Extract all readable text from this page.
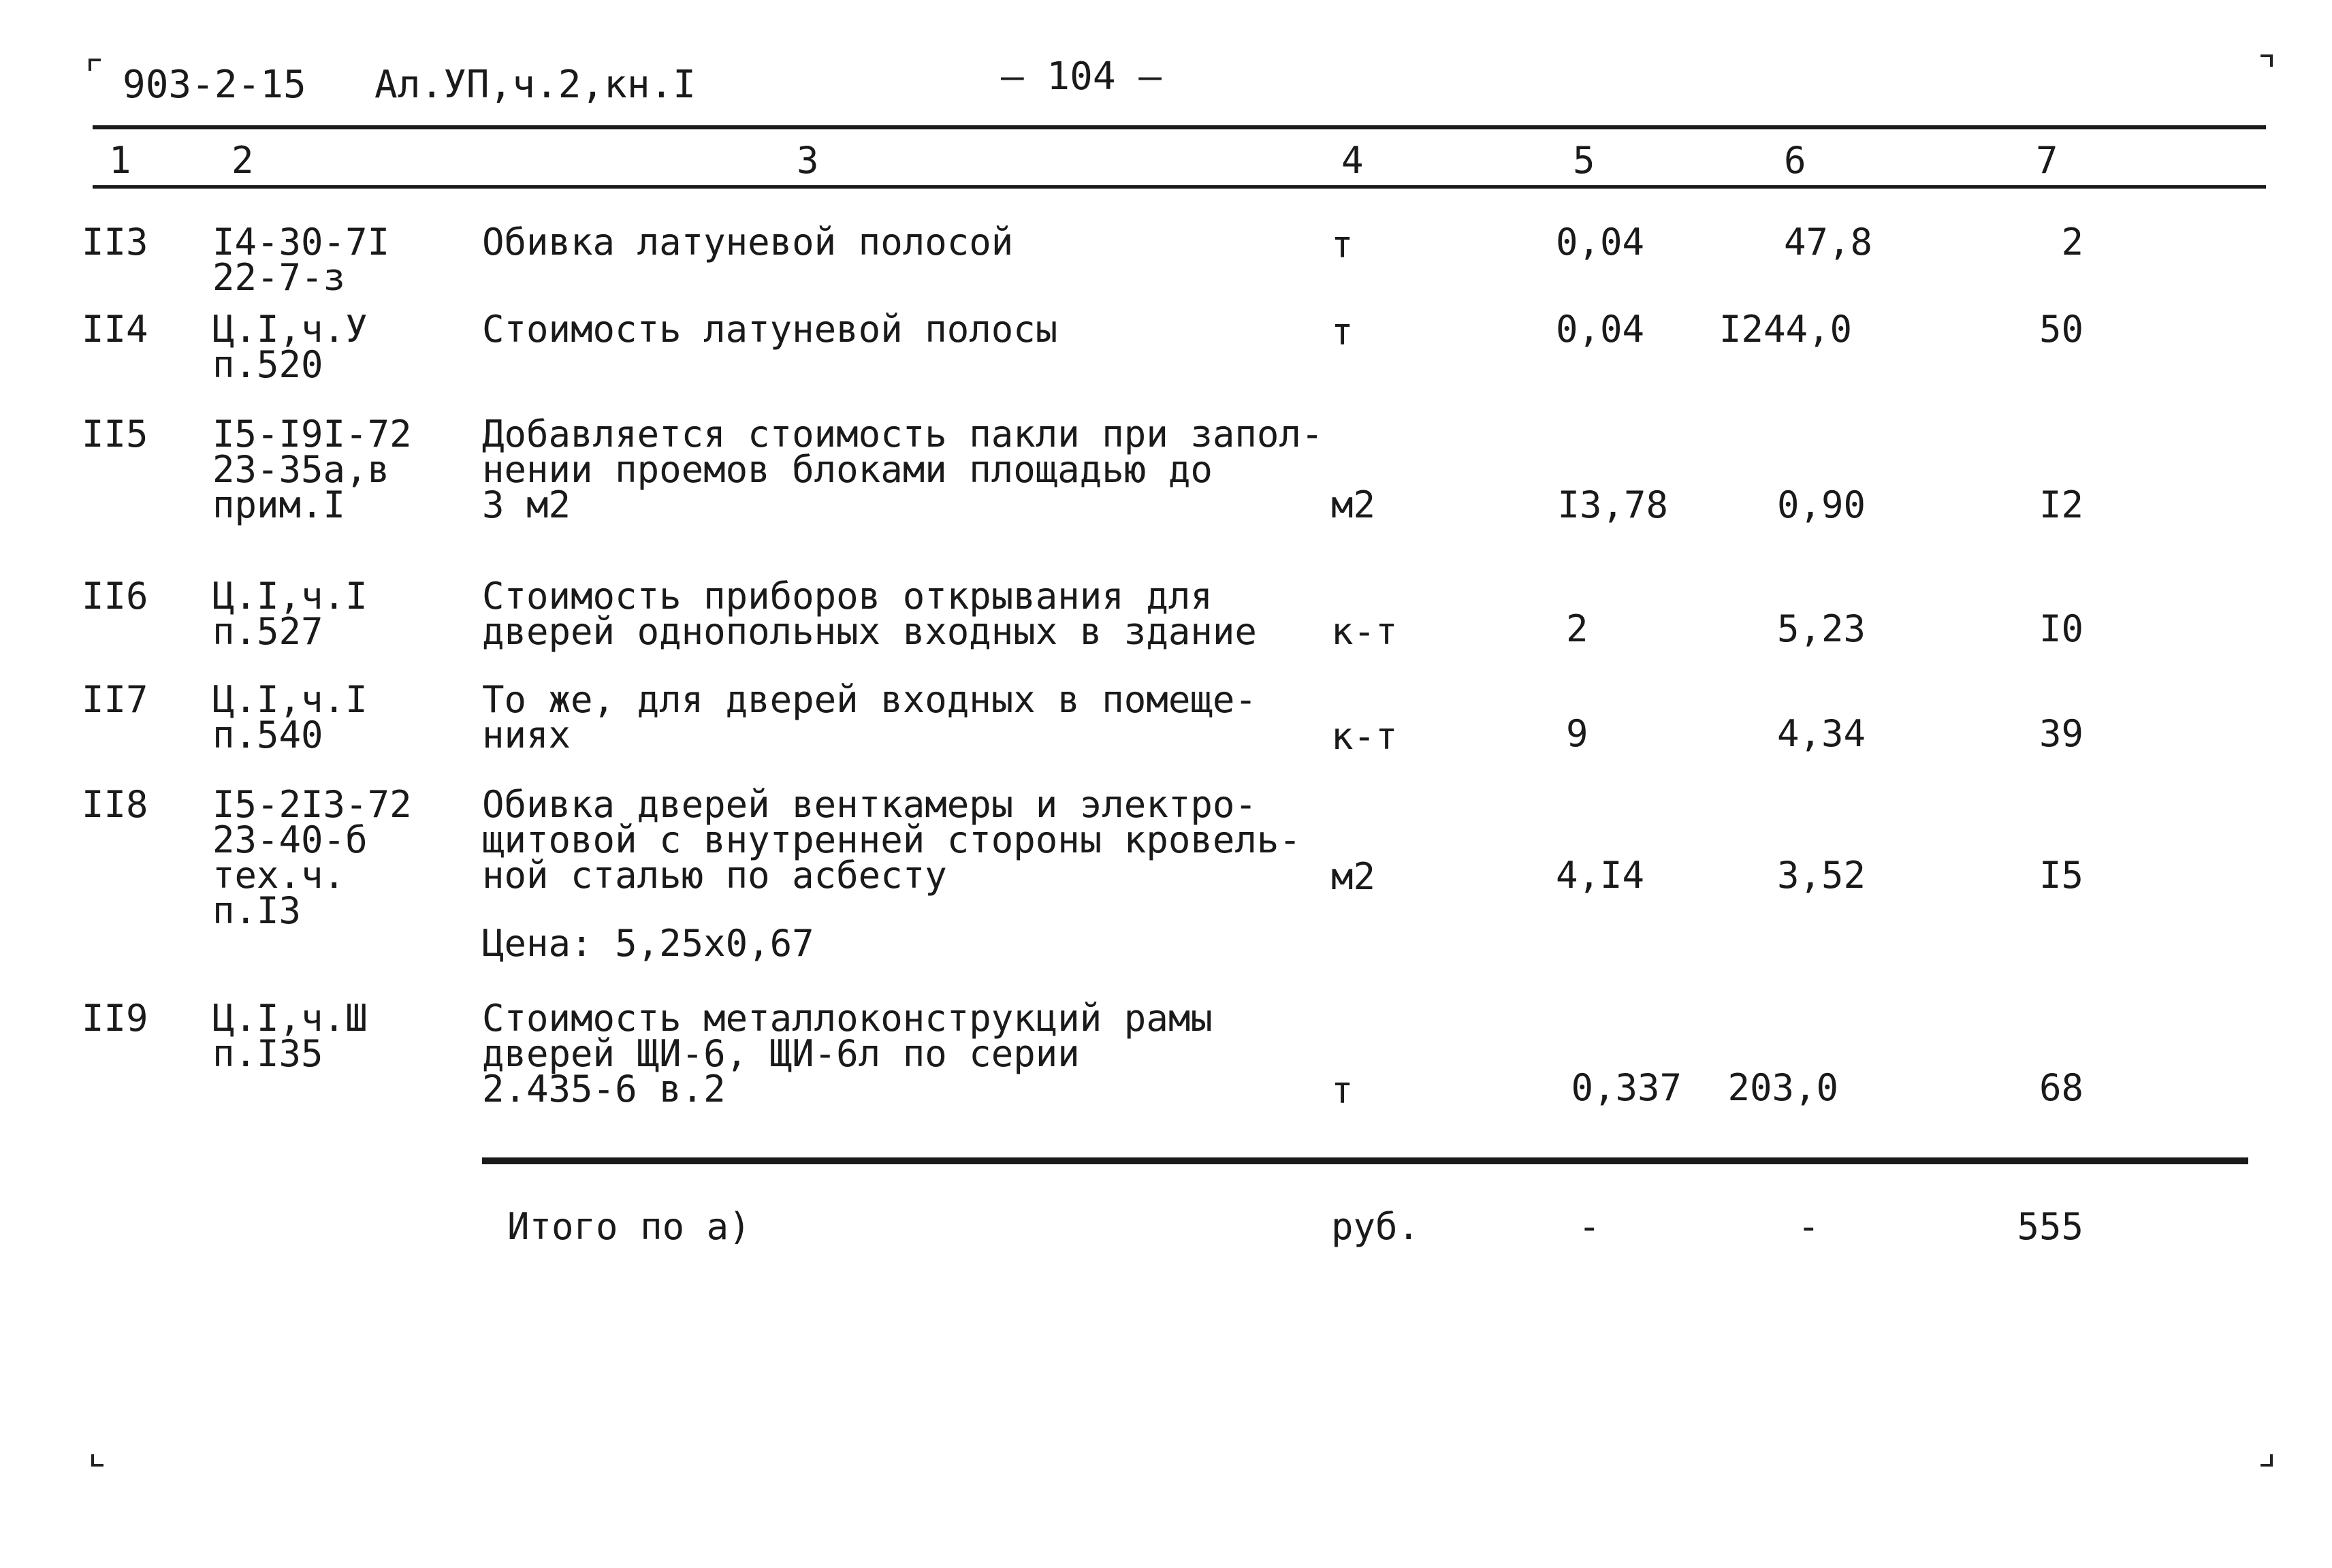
903-2-15 Ал.УП,ч.2,кн.I	— 104 —
1	2	3	4	5	6	7
II3 I4-30-7I
22-7-з
Обивка латуневой полосой	т	0,04	47,8	2
II4 Ц.I,ч.У
п.520
Стоимость латуневой полосы	т	0,04	I244,0	50
II5 I5-I9I-72
23-35а,в
прим.I
Добавляется стоимость пакли при запол-
нении проемов блоками площадью до
3 м2	м2	I3,78	0,90	I2
II6 Ц.I,ч.I
п.527
Стоимость приборов открывания для
дверей однопольных входных в здание к-т	2	5,23	I0
II7 Ц.I,ч.I
п.540
То же, для дверей входных в помеще-
ниях	к-т	9	4,34	39
II8 I5-2I3-72
23-40-б
тех.ч.
п.I3
Обивка дверей венткамеры и электро-
щитовой с внутренней стороны кровель-
ной сталью по асбесту
Цена: 5,25х0,67
м2	4,I4	3,52	I5
II9 Ц.I,ч.Ш
п.I35
Стоимость металлоконструкций рамы
дверей ЩИ-6, ЩИ-6л по серии
2.435-6 в.2	т	0,337	203,0	68
Итого по а)	руб.	-	-	555
